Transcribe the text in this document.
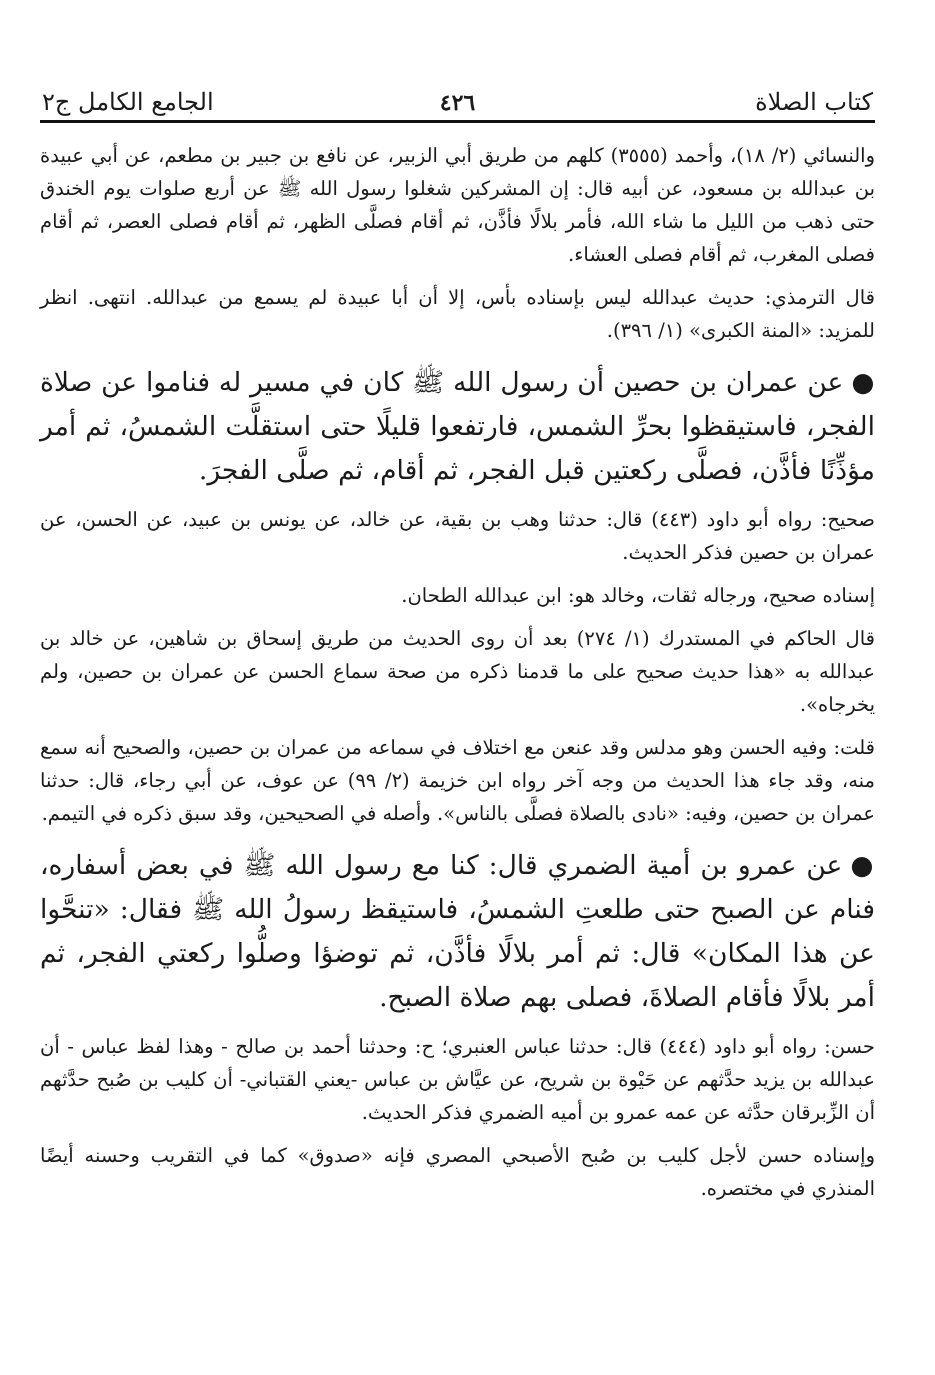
كتاب الصلاة
٤٢٦
الجامع الكامل ج٢

والنسائي (٢/ ١٨)، وأحمد (٣٥٥٥) كلهم من طريق أبي الزبير، عن نافع بن جبير بن مطعم، عن أبي عبيدة بن عبدالله بن مسعود، عن أبيه قال: إن المشركين شغلوا رسول الله ﷺ عن أربع صلوات يوم الخندق حتى ذهب من الليل ما شاء الله، فأمر بلالًا فأذَّن، ثم أقام فصلَّى الظهر، ثم أقام فصلى العصر، ثم أقام فصلى المغرب، ثم أقام فصلى العشاء.

قال الترمذي: حديث عبدالله ليس بإسناده بأس، إلا أن أبا عبيدة لم يسمع من عبدالله. انتهى. انظر للمزيد: «المنة الكبرى» (١/ ٣٩٦).

●عن عمران بن حصين أن رسول الله ﷺ كان في مسير له فناموا عن صلاة الفجر، فاستيقظوا بحرِّ الشمس، فارتفعوا قليلًا حتى استقلَّت الشمسُ، ثم أمر مؤذِّنًا فأذَّن، فصلَّى ركعتين قبل الفجر، ثم أقام، ثم صلَّى الفجرَ.

صحيح: رواه أبو داود (٤٤٣) قال: حدثنا وهب بن بقية، عن خالد، عن يونس بن عبيد، عن الحسن، عن عمران بن حصين فذكر الحديث.

إسناده صحيح، ورجاله ثقات، وخالد هو: ابن عبدالله الطحان.

قال الحاكم في المستدرك (١/ ٢٧٤) بعد أن روى الحديث من طريق إسحاق بن شاهين، عن خالد بن عبدالله به «هذا حديث صحيح على ما قدمنا ذكره من صحة سماع الحسن عن عمران بن حصين، ولم يخرجاه».

قلت: وفيه الحسن وهو مدلس وقد عنعن مع اختلاف في سماعه من عمران بن حصين، والصحيح أنه سمع منه، وقد جاء هذا الحديث من وجه آخر رواه ابن خزيمة (٢/ ٩٩) عن عوف، عن أبي رجاء، قال: حدثنا عمران بن حصين، وفيه: «نادى بالصلاة فصلَّى بالناس». وأصله في الصحيحين، وقد سبق ذكره في التيمم.

●عن عمرو بن أمية الضمري قال: كنا مع رسول الله ﷺ في بعض أسفاره، فنام عن الصبح حتى طلعتِ الشمسُ، فاستيقظ رسولُ الله ﷺ فقال: «تنحَّوا عن هذا المكان» قال: ثم أمر بلالًا فأذَّن، ثم توضؤا وصلُّوا ركعتي الفجر، ثم أمر بلالًا فأقام الصلاةَ، فصلى بهم صلاة الصبح.

حسن: رواه أبو داود (٤٤٤) قال: حدثنا عباس العنبري؛ ح: وحدثنا أحمد بن صالح - وهذا لفظ عباس - أن عبدالله بن يزيد حدَّثهم عن حَيْوة بن شريح، عن عيَّاش بن عباس -يعني القتباني- أن كليب بن صُبح حدَّثهم أن الزِّبرقان حدَّثه عن عمه عمرو بن أميه الضمري فذكر الحديث.

وإسناده حسن لأجل كليب بن صُبح الأصبحي المصري فإنه «صدوق» كما في التقريب وحسنه أيضًا المنذري في مختصره.
